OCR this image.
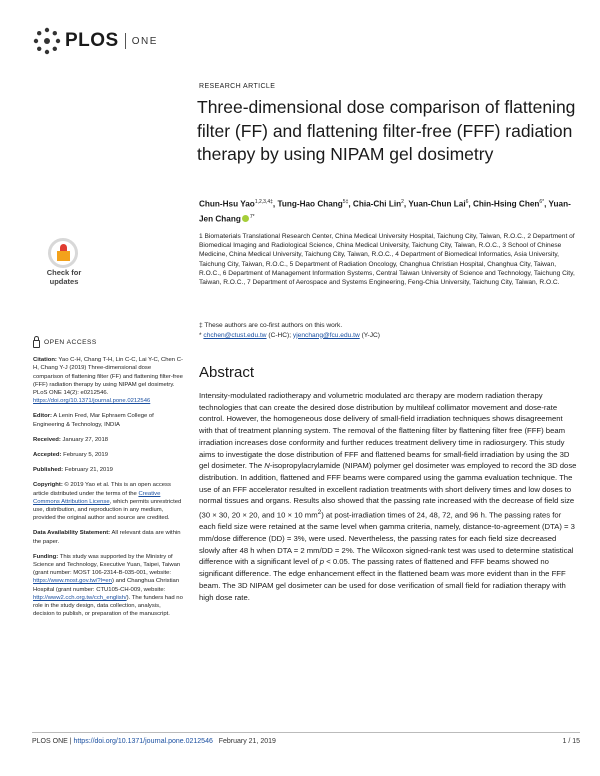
PLOS ONE
RESEARCH ARTICLE
Three-dimensional dose comparison of flattening filter (FF) and flattening filter-free (FFF) radiation therapy by using NIPAM gel dosimetry
Chun-Hsu Yao$^{1,2,3,4\ddagger}$, Tung-Hao Chang$^{5\ddagger}$, Chia-Chi Lin$^2$, Yuan-Chun Lai$^6$, Chin-Hsing Chen$^{6*}$, Yuan-Jen Chang $^{7*}$
1 Biomaterials Translational Research Center, China Medical University Hospital, Taichung City, Taiwan, R.O.C., 2 Department of Biomedical Imaging and Radiological Science, China Medical University, Taichung City, Taiwan, R.O.C., 3 School of Chinese Medicine, China Medical University, Taichung City, Taiwan, R.O.C., 4 Department of Biomedical Informatics, Asia University, Taichung City, Taiwan, R.O.C., 5 Department of Radiation Oncology, Changhua Christian Hospital, Changhua City, Taiwan, R.O.C., 6 Department of Management Information Systems, Central Taiwan University of Science and Technology, Taichung City, Taiwan, R.O.C., 7 Department of Aerospace and Systems Engineering, Feng-Chia University, Taichung City, Taiwan, R.O.C.
Check for
updates
‡ These authors are co-first authors on this work.
* chchen@ctust.edu.tw (C-HC); yjenchang@fcu.edu.tw (Y-JC)
Abstract
Intensity-modulated radiotherapy and volumetric modulated arc therapy are modern radiation therapy technologies that can create the desired dose distribution by multileaf collimator movement and dose-rate control. However, the homogeneous dose delivery of small-field irradiation techniques shows disagreement with that of treatment planning system. The removal of the flattening filter by flattening filter free (FFF) beam irradiation increases dose conformity and further reduces treatment delivery time in radiosurgery. This study aims to investigate the dose distribution of FFF and flattened beams for small-field irradiation by using the 3D gel dosimeter. The N-isopropylacrylamide (NIPAM) polymer gel dosimeter was employed to record the 3D dose distribution. In addition, flattened and FFF beams were compared using the gamma evaluation technique. The use of an FFF accelerator resulted in excellent radiation treatments with short delivery times and low doses to normal tissues and organs. Results also showed that the passing rate increased with the decrease of field size (30 × 30, 20 × 20, and 10 × 10 $mm^2$) at post-irradiation times of 24, 48, 72, and 96 h. The passing rates for each field size were retained at the same level when gamma criteria, namely, distance-to-agreement (DTA) = 3 mm/dose difference (DD) = 3%, were used. Nevertheless, the passing rates for each field size decreased slowly after 48 h when DTA = 2 mm/DD = 2%. The Wilcoxon signed-rank test was used to determine statistical difference with a significant level of p < 0.05. The passing rates of flattened and FFF beams showed no significant difference. The edge enhancement effect in the flattened beam was more evident than in the FFF beam. The 3D NIPAM gel dosimeter can be used for dose verification of small field for radiation therapy with high dose rate.
OPEN ACCESS

Citation: Yao C-H, Chang T-H, Lin C-C, Lai Y-C, Chen C-H, Chang Y-J (2019) Three-dimensional dose comparison of flattening filter (FF) and flattening filter-free (FFF) radiation therapy by using NIPAM gel dosimetry. PLoS ONE 14(2): e0212546. https://doi.org/10.1371/journal.pone.0212546

Editor: A Lenin Fred, Mar Ephraem College of Engineering & Technology, INDIA

Received: January 27, 2018

Accepted: February 5, 2019

Published: February 21, 2019

Copyright: © 2019 Yao et al. This is an open access article distributed under the terms of the Creative Commons Attribution License, which permits unrestricted use, distribution, and reproduction in any medium, provided the original author and source are credited.

Data Availability Statement: All relevant data are within the paper.

Funding: This study was supported by the Ministry of Science and Technology, Executive Yuan, Taipei, Taiwan (grant number: MOST 106-2314-B-035-001, website: https://www.most.gov.tw/?l=en) and Changhua Christian Hospital (grant number: CTU105-CH-009, website: http://www2.cch.org.tw/cch_english/). The funders had no role in the study design, data collection, analysis, decision to publish, or preparation of the manuscript.

PLOS ONE | https://doi.org/10.1371/journal.pone.0212546 February 21, 2019	1 / 15
